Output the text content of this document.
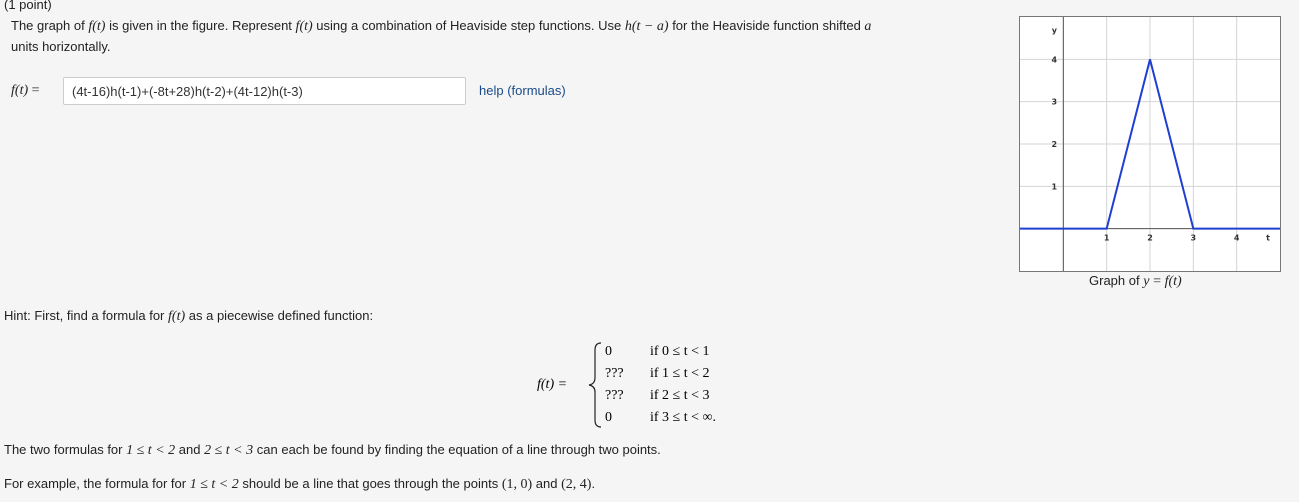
(1 point)
The graph of f(t) is given in the figure. Represent f(t) using a combination of Heaviside step functions. Use h(t − a) for the Heaviside function shifted a
units horizontally.
f(t) =
(4t-16)h(t-1)+(-8t+28)h(t-2)+(4t-12)h(t-3)	help (formulas)
1	2	3	4	t
1
2
3
4
y
Graph of y = f(t)
Hint: First, find a formula for f(t) as a piecewise defined function:
f(t) =
0	if 0 ≤ t < 1
??? if 1 ≤ t < 2
??? if 2 ≤ t < 3
0	if 3 ≤ t < ∞.
The two formulas for 1 ≤ t < 2 and 2 ≤ t < 3 can each be found by finding the equation of a line through two points.
For example, the formula for for 1 ≤ t < 2 should be a line that goes through the points (1, 0) and (2, 4).
